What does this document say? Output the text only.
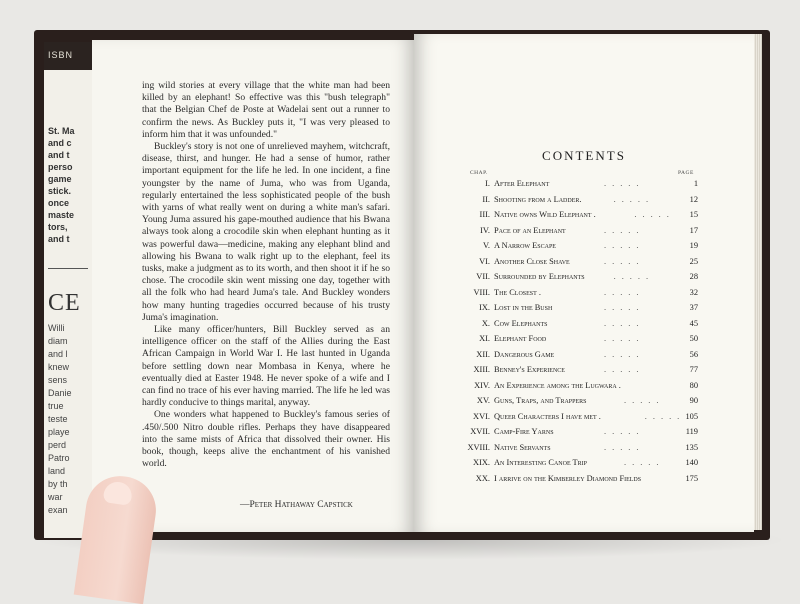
ISBN
St. Ma
and c
and t
perso
game
stick.
once
maste
tors,
and t
CE
Willi
diam
and l
knew
sens
Danie
true
teste
playe
perd
Patro
land
by th
war
exan

ing wild stories at every village that the white man had been killed by an elephant! So effective was this "bush telegraph" that the Belgian Chef de Poste at Wadelai sent out a runner to confirm the news. As Buckley puts it, "I was very pleased to inform him that it was unfounded."

Buckley's story is not one of unrelieved mayhem, witchcraft, disease, thirst, and hunger. He had a sense of humor, rather important equipment for the life he led. In one incident, a fine youngster by the name of Juma, who was from Uganda, regularly entertained the less sophisticated people of the bush with yarns of what really went on during a white man's safari. Young Juma assured his gape-mouthed audience that his Bwana always took along a crocodile skin when elephant hunting as it was powerful dawa—medicine, making any elephant blind and allowing his Bwana to walk right up to the elephant, feel its tusks, make a judgment as to its worth, and then shoot it if he so chose. The crocodile skin went missing one day, together with all the folk who had heard Juma's tale. And Buckley wonders how many hunting tragedies occurred because of his trusty Juma's imagination.

Like many officer/hunters, Bill Buckley served as an intelligence officer on the staff of the Allies during the East African Campaign in World War I. He last hunted in Uganda before settling down near Mombasa in Kenya, where he eventually died at Easter 1948. He never spoke of a wife and I can find no trace of his ever having married. The life he led was hardly conducive to things marital, anyway.

One wonders what happened to Buckley's famous series of .450/.500 Nitro double rifles. Perhaps they have disappeared into the same mists of Africa that dissolved their owner. His book, though, keeps alive the enchantment of his vanished world.

—Peter Hathaway Capstick
CONTENTS
CHAP.	PAGE
I. After Elephant	.....	1
II. Shooting from a Ladder.	.....	12
III. Native owns Wild Elephant .	.....	15
IV. Pace of an Elephant	.....	17
V. A Narrow Escape	.....	19
VI. Another Close Shave	.....	25
VII. Surrounded by Elephants	.....	28
VIII. The Closest .	.....	32
IX. Lost in the Bush	.....	37
X. Cow Elephants	.....	45
XI. Elephant Food	.....	50
XII. Dangerous Game	.....	56
XIII. Benney's Experience	.....	77
XIV. An Experience among the Lugwara .	80
XV. Guns, Traps, and Trappers	.....	90
XVI. Queer Characters I have met .	..... 105
XVII. Camp-Fire Yarns	.....	119
XVIII. Native Servants	.....	135
XIX. An Interesting Canoe Trip	.....	140
XX. I arrive on the Kimberley Diamond Fields	175
